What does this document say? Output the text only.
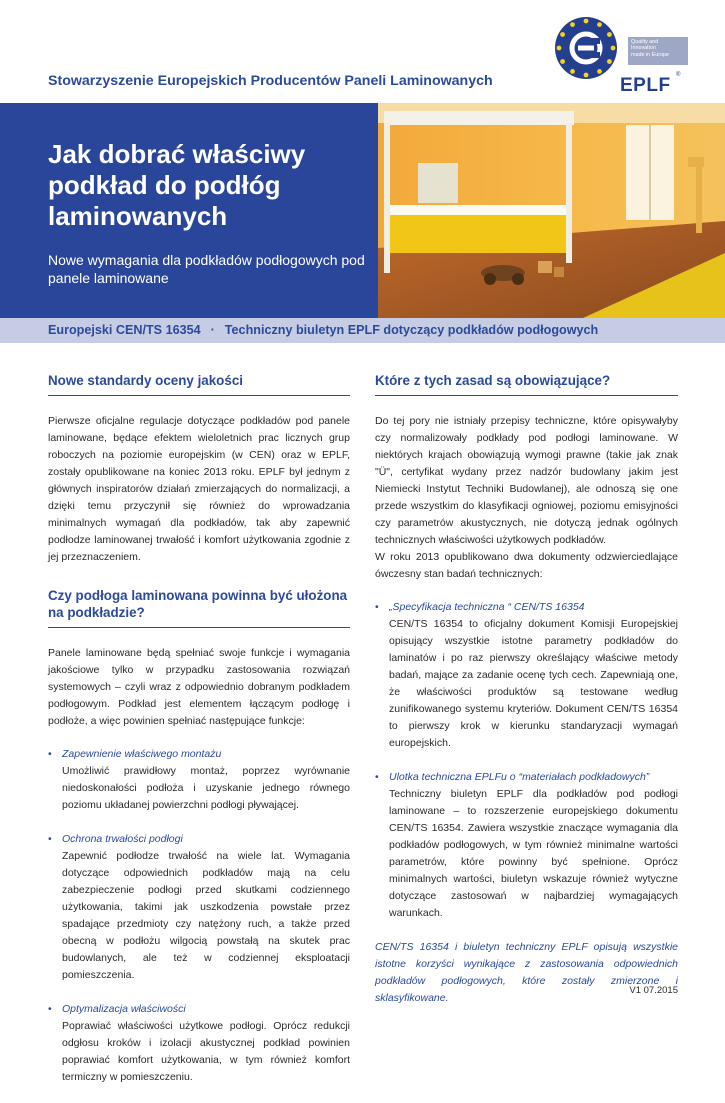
Stowarzyszenie Europejskich Producentów Paneli Laminowanych
Quality and
Innovation
made in Europe
EPLF ®
Jak dobrać właściwy podkład do podłóg laminowanych
Nowe wymagania dla podkładów podłogowych pod panele laminowane
Europejski CEN/TS 16354 · Techniczny biuletyn EPLF dotyczący podkładów podłogowych
Nowe standardy oceny jakości

Pierwsze oficjalne regulacje dotyczące podkładów pod panele laminowane, będące efektem wieloletnich prac licznych grup roboczych na poziomie europejskim (w CEN) oraz w EPLF, zostały opublikowane na koniec 2013 roku. EPLF był jednym z głównych inspiratorów działań zmierzających do normalizacji, a dzięki temu przyczynił się również do wprowadzania minimalnych wymagań dla podkładów, tak aby zapewnić podłodze laminowanej trwałość i komfort użytkowania zgodnie z jej przeznaczeniem.

Czy podłoga laminowana powinna być ułożona na podkładzie?

Panele laminowane będą spełniać swoje funkcje i wymagania jakościowe tylko w przypadku zastosowania rozwiązań systemowych – czyli wraz z odpowiednio dobranym podkładem podłogowym. Podkład jest elementem łączącym podłogę i podłoże, a więc powinien spełniać następujące funkcje:

• Zapewnienie właściwego montażu
Umożliwić prawidłowy montaż, poprzez wyrównanie niedoskonałości podłoża i uzyskanie jednego równego poziomu układanej powierzchni podłogi pływającej.
• Ochrona trwałości podłogi
Zapewnić podłodze trwałość na wiele lat. Wymagania dotyczące odpowiednich podkładów mają na celu zabezpieczenie podłogi przed skutkami codziennego użytkowania, takimi jak uszkodzenia powstałe przez spadające przedmioty czy natężony ruch, a także przed obecną w podłożu wilgocią powstałą na skutek prac budowlanych, ale też w codziennej eksploatacji pomieszczenia.
• Optymalizacja właściwości
Poprawiać właściwości użytkowe podłogi. Oprócz redukcji odgłosu kroków i izolacji akustycznej podkład powinien poprawiać komfort użytkowania, w tym również komfort termiczny w pomieszczeniu.
Które z tych zasad są obowiązujące?

Do tej pory nie istniały przepisy techniczne, które opisywałyby czy normalizowały podkłady pod podłogi laminowane. W niektórych krajach obowiązują wymogi prawne (takie jak znak "Ü", certyfikat wydany przez nadzór budowlany jakim jest Niemiecki Instytut Techniki Budowlanej), ale odnoszą się one przede wszystkim do klasyfikacji ogniowej, poziomu emisyjności czy parametrów akustycznych, nie dotyczą jednak ogólnych technicznych właściwości użytkowych podkładów.

W roku 2013 opublikowano dwa dokumenty odzwierciedlające ówczesny stan badań technicznych:

• „Specyfikacja techniczna “ CEN/TS 16354
CEN/TS 16354 to oficjalny dokument Komisji Europejskiej opisujący wszystkie istotne parametry podkładów do laminatów i po raz pierwszy określający właściwe metody badań, mające za zadanie ocenę tych cech. Zapewniają one, że właściwości produktów są testowane według zunifikowanego systemu kryteriów. Dokument CEN/TS 16354 to pierwszy krok w kierunku standaryzacji wymagań europejskich.
• Ulotka techniczna EPLFu o “materiałach podkładowych”
Techniczny biuletyn EPLF dla podkładów pod podłogi laminowane – to rozszerzenie europejskiego dokumentu CEN/TS 16354. Zawiera wszystkie znaczące wymagania dla podkładów podłogowych, w tym również minimalne wartości parametrów, które powinny być spełnione. Oprócz minimalnych wartości, biuletyn wskazuje również wytyczne dotyczące zastosowań w najbardziej wymagających warunkach.

CEN/TS 16354 i biuletyn techniczny EPLF opisują wszystkie istotne korzyści wynikające z zastosowania odpowiednich podkładów podłogowych, które zostały zmierzone i sklasyfikowane.

V1 07.2015
